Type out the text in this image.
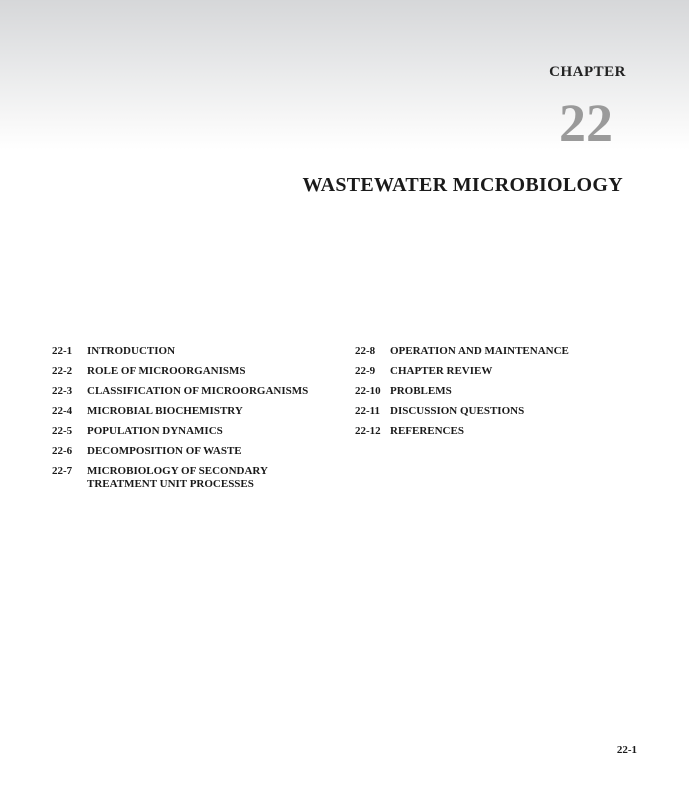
CHAPTER
22
WASTEWATER MICROBIOLOGY
22-1	INTRODUCTION
22-2	ROLE OF MICROORGANISMS
22-3	CLASSIFICATION OF MICROORGANISMS
22-4	MICROBIAL BIOCHEMISTRY
22-5	POPULATION DYNAMICS
22-6	DECOMPOSITION OF WASTE
22-7	MICROBIOLOGY OF SECONDARY TREATMENT UNIT PROCESSES
22-8	OPERATION AND MAINTENANCE
22-9	CHAPTER REVIEW
22-10 PROBLEMS
22-11 DISCUSSION QUESTIONS
22-12 REFERENCES
22-1
